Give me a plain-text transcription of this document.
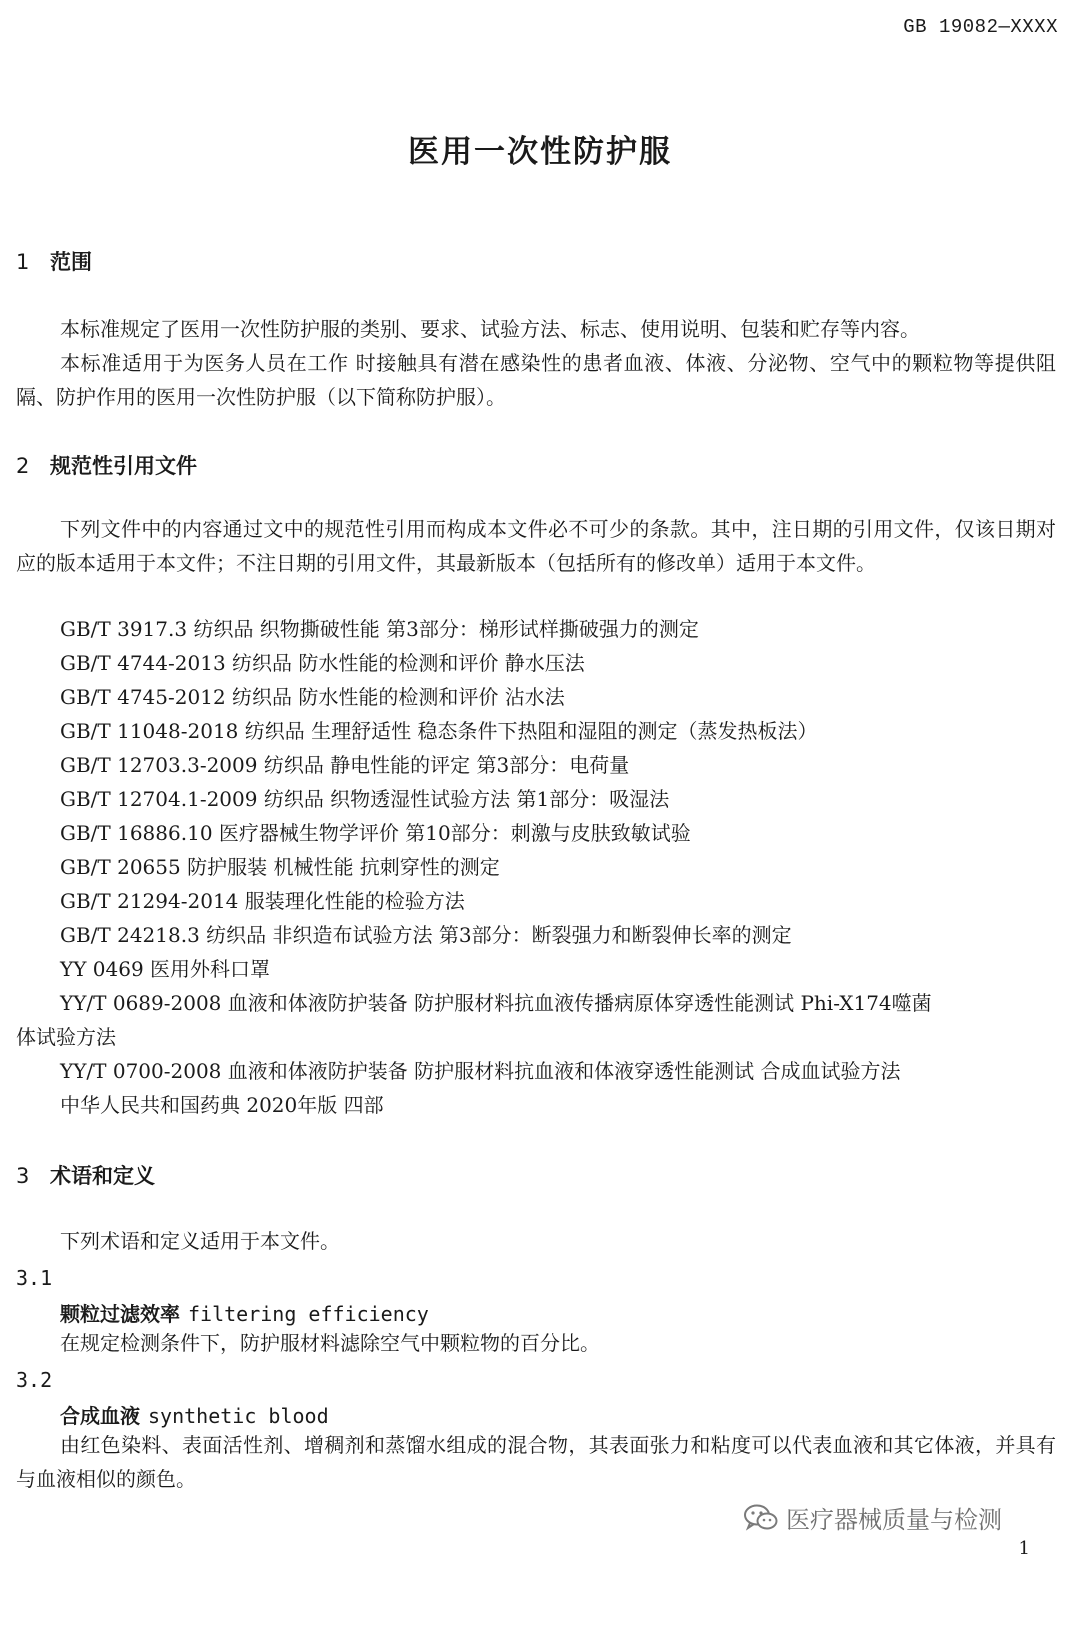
GB 19082—XXXX
医用一次性防护服
1 范围
本标准规定了医用一次性防护服的类别、要求、试验方法、标志、使用说明、包装和贮存等内容。
本标准适用于为医务人员在工作 时接触具有潜在感染性的患者血液、体液、分泌物、空气中的颗粒物等提供阻隔、防护作用的医用一次性防护服（以下简称防护服）。
2 规范性引用文件
下列文件中的内容通过文中的规范性引用而构成本文件必不可少的条款。其中，注日期的引用文件，仅该日期对应的版本适用于本文件；不注日期的引用文件，其最新版本（包括所有的修改单）适用于本文件。
GB/T 3917.3 纺织品 织物撕破性能 第3部分：梯形试样撕破强力的测定
GB/T 4744-2013 纺织品 防水性能的检测和评价 静水压法
GB/T 4745-2012 纺织品 防水性能的检测和评价 沾水法
GB/T 11048-2018 纺织品 生理舒适性 稳态条件下热阻和湿阻的测定（蒸发热板法）
GB/T 12703.3-2009 纺织品 静电性能的评定 第3部分：电荷量
GB/T 12704.1-2009 纺织品 织物透湿性试验方法 第1部分：吸湿法
GB/T 16886.10 医疗器械生物学评价 第10部分：刺激与皮肤致敏试验
GB/T 20655 防护服装 机械性能 抗刺穿性的测定
GB/T 21294-2014 服装理化性能的检验方法
GB/T 24218.3 纺织品 非织造布试验方法 第3部分：断裂强力和断裂伸长率的测定
YY 0469 医用外科口罩
YY/T 0689-2008 血液和体液防护装备 防护服材料抗血液传播病原体穿透性能测试 Phi-X174噬菌
体试验方法
YY/T 0700-2008 血液和体液防护装备 防护服材料抗血液和体液穿透性能测试 合成血试验方法
中华人民共和国药典 2020年版 四部
3 术语和定义
下列术语和定义适用于本文件。
3.1
颗粒过滤效率 filtering efficiency
在规定检测条件下，防护服材料滤除空气中颗粒物的百分比。
3.2
合成血液 synthetic blood
由红色染料、表面活性剂、增稠剂和蒸馏水组成的混合物，其表面张力和粘度可以代表血液和其它体液，并具有与血液相似的颜色。
医疗器械质量与检测
1
